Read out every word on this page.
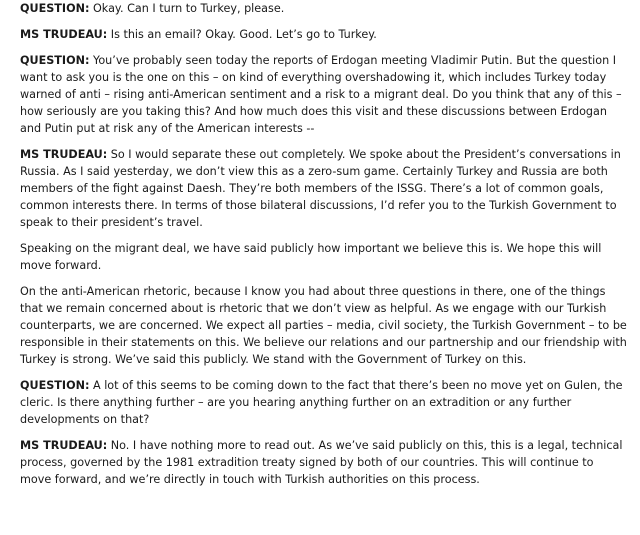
QUESTION: Okay. Can I turn to Turkey, please.

MS TRUDEAU: Is this an email? Okay. Good. Let’s go to Turkey.

QUESTION: You’ve probably seen today the reports of Erdogan meeting Vladimir Putin. But the question I want to ask you is the one on this – on kind of everything overshadowing it, which includes Turkey today warned of anti – rising anti-American sentiment and a risk to a migrant deal. Do you think that any of this – how seriously are you taking this? And how much does this visit and these discussions between Erdogan and Putin put at risk any of the American interests --

MS TRUDEAU: So I would separate these out completely. We spoke about the President’s conversations in Russia. As I said yesterday, we don’t view this as a zero-sum game. Certainly Turkey and Russia are both members of the fight against Daesh. They’re both members of the ISSG. There’s a lot of common goals, common interests there. In terms of those bilateral discussions, I’d refer you to the Turkish Government to speak to their president’s travel.

Speaking on the migrant deal, we have said publicly how important we believe this is. We hope this will move forward.

On the anti-American rhetoric, because I know you had about three questions in there, one of the things that we remain concerned about is rhetoric that we don’t view as helpful. As we engage with our Turkish counterparts, we are concerned. We expect all parties – media, civil society, the Turkish Government – to be responsible in their statements on this. We believe our relations and our partnership and our friendship with Turkey is strong. We’ve said this publicly. We stand with the Government of Turkey on this.

QUESTION: A lot of this seems to be coming down to the fact that there’s been no move yet on Gulen, the cleric. Is there anything further – are you hearing anything further on an extradition or any further developments on that?

MS TRUDEAU: No. I have nothing more to read out. As we’ve said publicly on this, this is a legal, technical process, governed by the 1981 extradition treaty signed by both of our countries. This will continue to move forward, and we’re directly in touch with Turkish authorities on this process.
